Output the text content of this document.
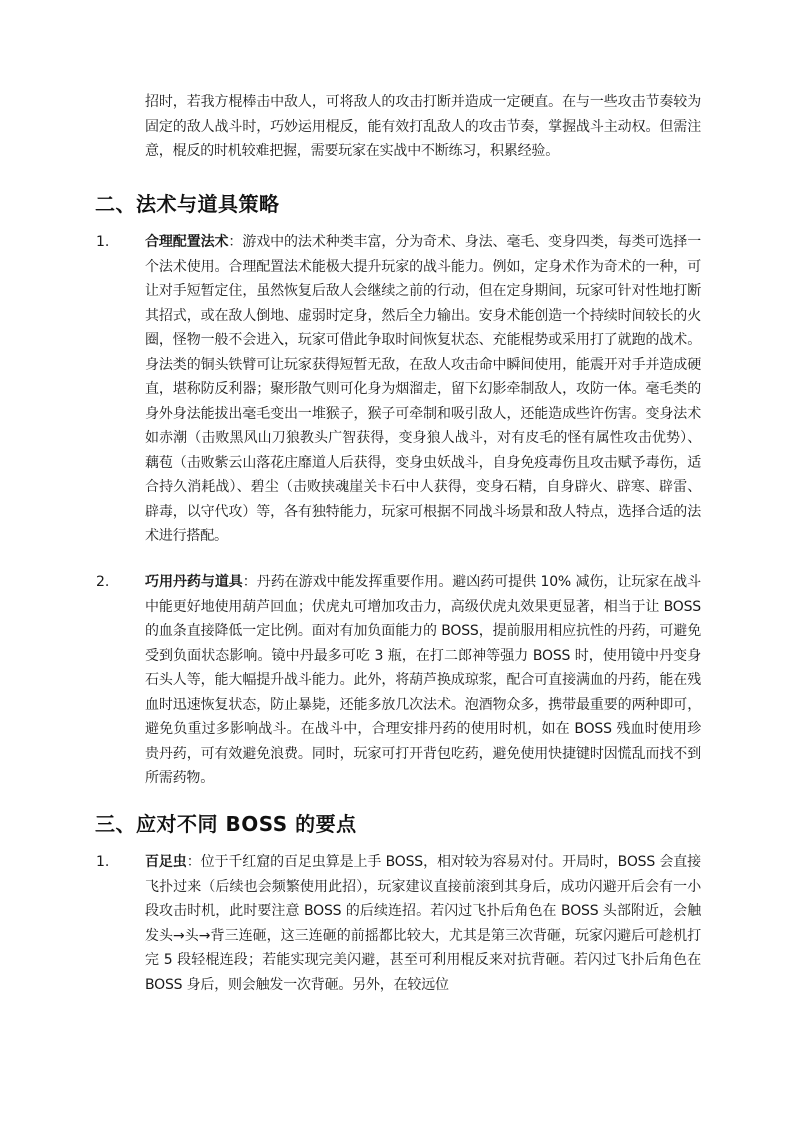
招时，若我方棍棒击中敌人，可将敌人的攻击打断并造成一定硬直。在与一些攻击节奏较为固定的敌人战斗时，巧妙运用棍反，能有效打乱敌人的攻击节奏，掌握战斗主动权。但需注意，棍反的时机较难把握，需要玩家在实战中不断练习，积累经验。

二、法术与道具策略
1.	合理配置法术：游戏中的法术种类丰富，分为奇术、身法、毫毛、变身四类，每类可选择一个法术使用。合理配置法术能极大提升玩家的战斗能力。例如，定身术作为奇术的一种，可让对手短暂定住，虽然恢复后敌人会继续之前的行动，但在定身期间，玩家可针对性地打断其招式，或在敌人倒地、虚弱时定身，然后全力输出。安身术能创造一个持续时间较长的火圈，怪物一般不会进入，玩家可借此争取时间恢复状态、充能棍势或采用打了就跑的战术。身法类的铜头铁臂可让玩家获得短暂无敌，在敌人攻击命中瞬间使用，能震开对手并造成硬直，堪称防反利器；聚形散气则可化身为烟溜走，留下幻影牵制敌人，攻防一体。毫毛类的身外身法能拔出毫毛变出一堆猴子，猴子可牵制和吸引敌人，还能造成些许伤害。变身法术如赤潮（击败黑风山刀狼教头广智获得，变身狼人战斗，对有皮毛的怪有属性攻击优势）、藕苞（击败紫云山落花庄靡道人后获得，变身虫妖战斗，自身免疫毒伤且攻击赋予毒伤，适合持久消耗战）、碧尘（击败挟魂崖关卡石中人获得，变身石精，自身辟火、辟寒、辟雷、辟毒，以守代攻）等，各有独特能力，玩家可根据不同战斗场景和敌人特点，选择合适的法术进行搭配。

2.	巧用丹药与道具：丹药在游戏中能发挥重要作用。避凶药可提供 10% 减伤，让玩家在战斗中能更好地使用葫芦回血；伏虎丸可增加攻击力，高级伏虎丸效果更显著，相当于让 BOSS 的血条直接降低一定比例。面对有加负面能力的 BOSS，提前服用相应抗性的丹药，可避免受到负面状态影响。镜中丹最多可吃 3 瓶，在打二郎神等强力 BOSS 时，使用镜中丹变身石头人等，能大幅提升战斗能力。此外，将葫芦换成琼浆，配合可直接满血的丹药，能在残血时迅速恢复状态，防止暴毙，还能多放几次法术。泡酒物众多，携带最重要的两种即可，避免负重过多影响战斗。在战斗中，合理安排丹药的使用时机，如在 BOSS 残血时使用珍贵丹药，可有效避免浪费。同时，玩家可打开背包吃药，避免使用快捷键时因慌乱而找不到所需药物。

三、应对不同 BOSS 的要点
1.	百足虫：位于千红窟的百足虫算是上手 BOSS，相对较为容易对付。开局时，BOSS 会直接飞扑过来（后续也会频繁使用此招），玩家建议直接前滚到其身后，成功闪避开后会有一小段攻击时机，此时要注意 BOSS 的后续连招。若闪过飞扑后角色在 BOSS 头部附近，会触发头→头→背三连砸，这三连砸的前摇都比较大，尤其是第三次背砸，玩家闪避后可趁机打完 5 段轻棍连段；若能实现完美闪避，甚至可利用棍反来对抗背砸。若闪过飞扑后角色在 BOSS 身后，则会触发一次背砸。另外，在较远位
